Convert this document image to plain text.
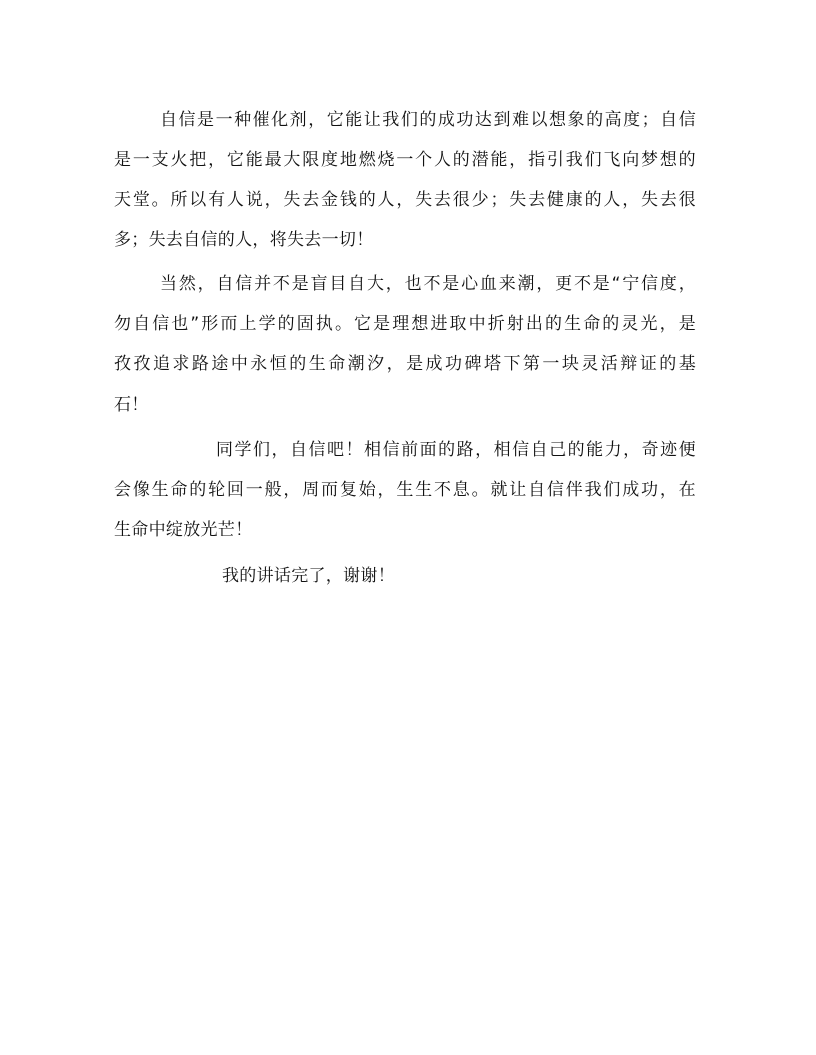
自信是一种催化剂，它能让我们的成功达到难以想象的高度；自信
是一支火把，它能最大限度地燃烧一个人的潜能，指引我们飞向梦想的
天堂。所以有人说，失去金钱的人，失去很少；失去健康的人，失去很
多；失去自信的人，将失去一切！
当然，自信并不是盲目自大，也不是心血来潮，更不是“宁信度，
勿自信也”形而上学的固执。它是理想进取中折射出的生命的灵光，是
孜孜追求路途中永恒的生命潮汐，是成功碑塔下第一块灵活辩证的基
石！
同学们，自信吧！相信前面的路，相信自己的能力，奇迹便
会像生命的轮回一般，周而复始，生生不息。就让自信伴我们成功，在
生命中绽放光芒！
我的讲话完了，谢谢！
